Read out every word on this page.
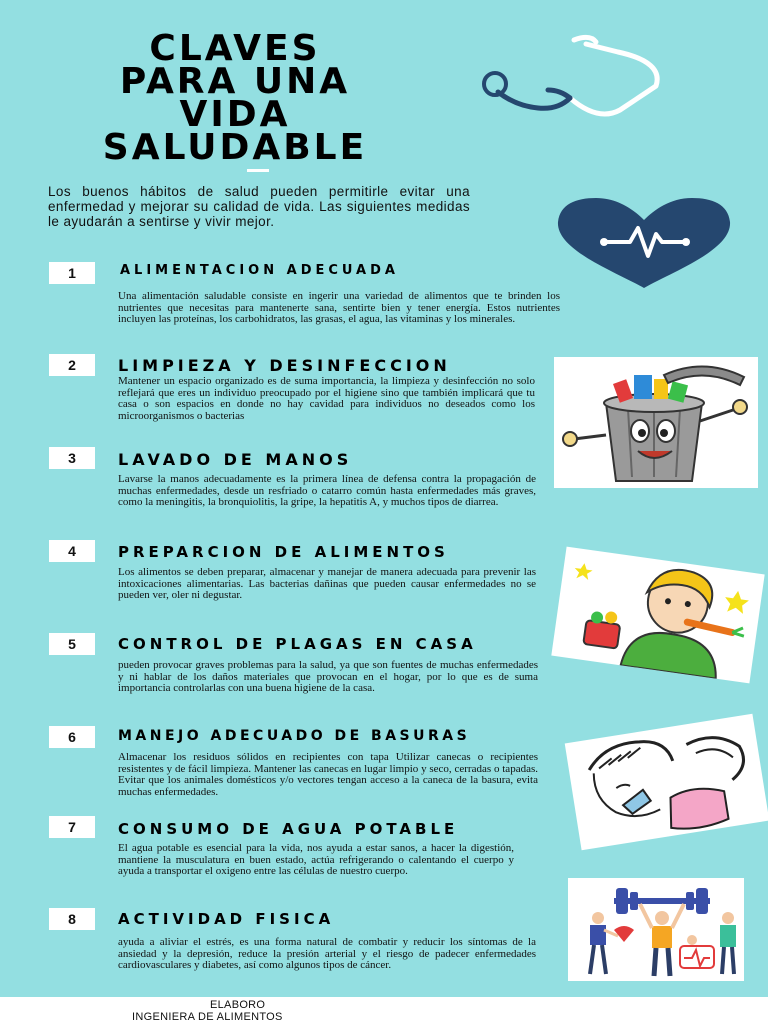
CLAVES
PARA UNA
VIDA
SALUDABLE

Los buenos hábitos de salud pueden permitirle evitar una enfermedad y mejorar su calidad de vida. Las siguientes medidas le ayudarán a sentirse y vivir mejor.

1	ALIMENTACION ADECUADA

Una alimentación saludable consiste en ingerir una variedad de alimentos que te brinden los nutrientes que necesitas para mantenerte sana, sentirte bien y tener energía. Estos nutrientes incluyen las proteínas, los carbohidratos, las grasas, el agua, las vitaminas y los minerales.

2	LIMPIEZA Y DESINFECCION

Mantener un espacio organizado es de suma importancia, la limpieza y desinfección no solo reflejará que eres un individuo preocupado por el higiene sino que también implicará que tu casa o son espacios en donde no hay cavidad para individuos no deseados como los microorganismos o bacterias

3	LAVADO DE MANOS

Lavarse la manos adecuadamente es la primera línea de defensa contra la propagación de muchas enfermedades, desde un resfriado o catarro común hasta enfermedades más graves, como la meningitis, la bronquiolitis, la gripe, la hepatitis A, y muchos tipos de diarrea.

4	PREPARCION DE ALIMENTOS

Los alimentos se deben preparar, almacenar y manejar de manera adecuada para prevenir las intoxicaciones alimentarias. Las bacterias dañinas que pueden causar enfermedades no se pueden ver, oler ni degustar.

5	CONTROL DE PLAGAS EN CASA

pueden provocar graves problemas para la salud, ya que son fuentes de muchas enfermedades y ni hablar de los daños materiales que provocan en el hogar, por lo que es de suma importancia controlarlas con una buena higiene de la casa.

6	MANEJO ADECUADO DE BASURAS

Almacenar los residuos sólidos en recipientes con tapa Utilizar canecas o recipientes resistentes y de fácil limpieza. Mantener las canecas en lugar limpio y seco, cerradas o tapadas. Evitar que los animales domésticos y/o vectores tengan acceso a la caneca de la basura, evita muchas enfermedades.

7	CONSUMO DE AGUA POTABLE

El agua potable es esencial para la vida, nos ayuda a estar sanos, a hacer la digestión, mantiene la musculatura en buen estado, actúa refrigerando o calentando el cuerpo y ayuda a transportar el oxigeno entre las células de nuestro cuerpo.

8	ACTIVIDAD FISICA

ayuda a aliviar el estrés, es una forma natural de combatir y reducir los síntomas de la ansiedad y la depresión, reduce la presión arterial y el riesgo de padecer enfermedades cardiovasculares y diabetes, así como algunos tipos de cáncer.

ELABORO
INGENIERA DE ALIMENTOS
